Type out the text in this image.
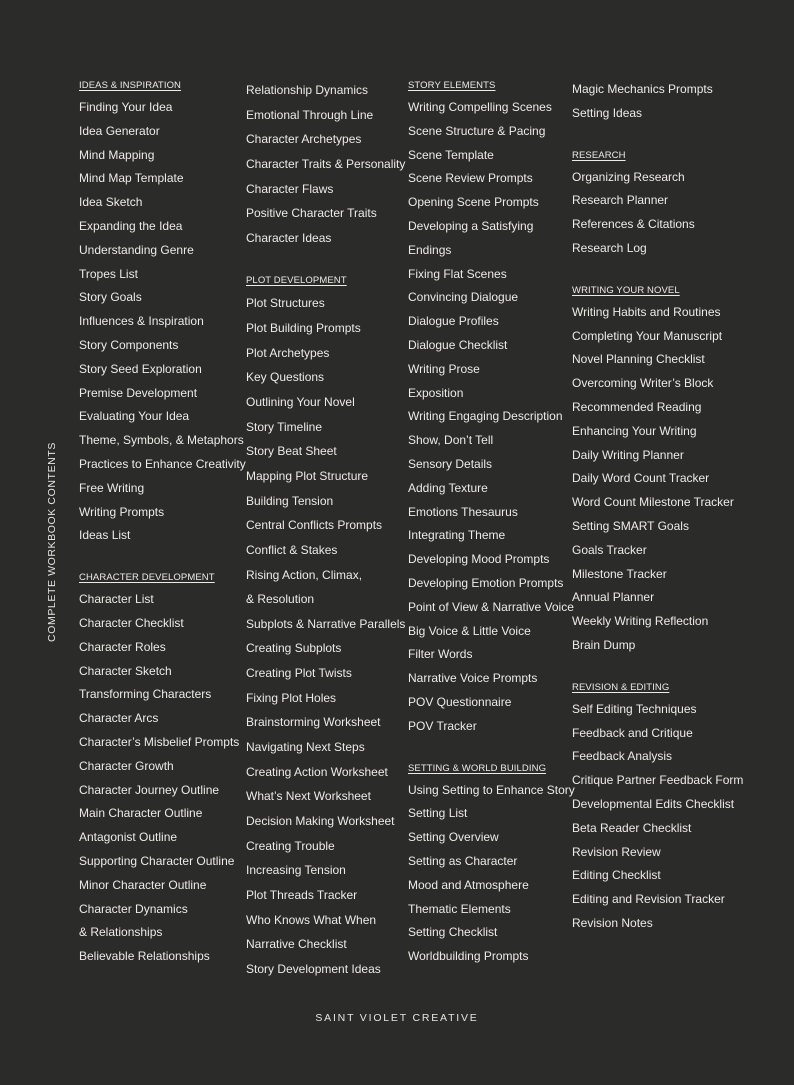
COMPLETE WORKBOOK CONTENTS
IDEAS & INSPIRATION
Finding Your Idea
Idea Generator
Mind Mapping
Mind Map Template
Idea Sketch
Expanding the Idea
Understanding Genre
Tropes List
Story Goals
Influences & Inspiration
Story Components
Story Seed Exploration
Premise Development
Evaluating Your Idea
Theme, Symbols, & Metaphors
Practices to Enhance Creativity
Free Writing
Writing Prompts
Ideas List
CHARACTER DEVELOPMENT
Character List
Character Checklist
Character Roles
Character Sketch
Transforming Characters
Character Arcs
Character’s Misbelief Prompts
Character Growth
Character Journey Outline
Main Character Outline
Antagonist Outline
Supporting Character Outline
Minor Character Outline
Character Dynamics
& Relationships
Believable Relationships
Relationship Dynamics
Emotional Through Line
Character Archetypes
Character Traits & Personality
Character Flaws
Positive Character Traits
Character Ideas
PLOT DEVELOPMENT
Plot Structures
Plot Building Prompts
Plot Archetypes
Key Questions
Outlining Your Novel
Story Timeline
Story Beat Sheet
Mapping Plot Structure
Building Tension
Central Conflicts Prompts
Conflict & Stakes
Rising Action, Climax,
& Resolution
Subplots & Narrative Parallels
Creating Subplots
Creating Plot Twists
Fixing Plot Holes
Brainstorming Worksheet
Navigating Next Steps
Creating Action Worksheet
What’s Next Worksheet
Decision Making Worksheet
Creating Trouble
Increasing Tension
Plot Threads Tracker
Who Knows What When
Narrative Checklist
Story Development Ideas
STORY ELEMENTS
Writing Compelling Scenes
Scene Structure & Pacing
Scene Template
Scene Review Prompts
Opening Scene Prompts
Developing a Satisfying
Endings
Fixing Flat Scenes
Convincing Dialogue
Dialogue Profiles
Dialogue Checklist
Writing Prose
Exposition
Writing Engaging Description
Show, Don’t Tell
Sensory Details
Adding Texture
Emotions Thesaurus
Integrating Theme
Developing Mood Prompts
Developing Emotion Prompts
Point of View & Narrative Voice
Big Voice & Little Voice
Filter Words
Narrative Voice Prompts
POV Questionnaire
POV Tracker
SETTING & WORLD BUILDING
Using Setting to Enhance Story
Setting List
Setting Overview
Setting as Character
Mood and Atmosphere
Thematic Elements
Setting Checklist
Worldbuilding Prompts
Magic Mechanics Prompts
Setting Ideas
RESEARCH
Organizing Research
Research Planner
References & Citations
Research Log
WRITING YOUR NOVEL
Writing Habits and Routines
Completing Your Manuscript
Novel Planning Checklist
Overcoming Writer’s Block
Recommended Reading
Enhancing Your Writing
Daily Writing Planner
Daily Word Count Tracker
Word Count Milestone Tracker
Setting SMART Goals
Goals Tracker
Milestone Tracker
Annual Planner
Weekly Writing Reflection
Brain Dump
REVISION & EDITING
Self Editing Techniques
Feedback and Critique
Feedback Analysis
Critique Partner Feedback Form
Developmental Edits Checklist
Beta Reader Checklist
Revision Review
Editing Checklist
Editing and Revision Tracker
Revision Notes
SAINT VIOLET CREATIVE
